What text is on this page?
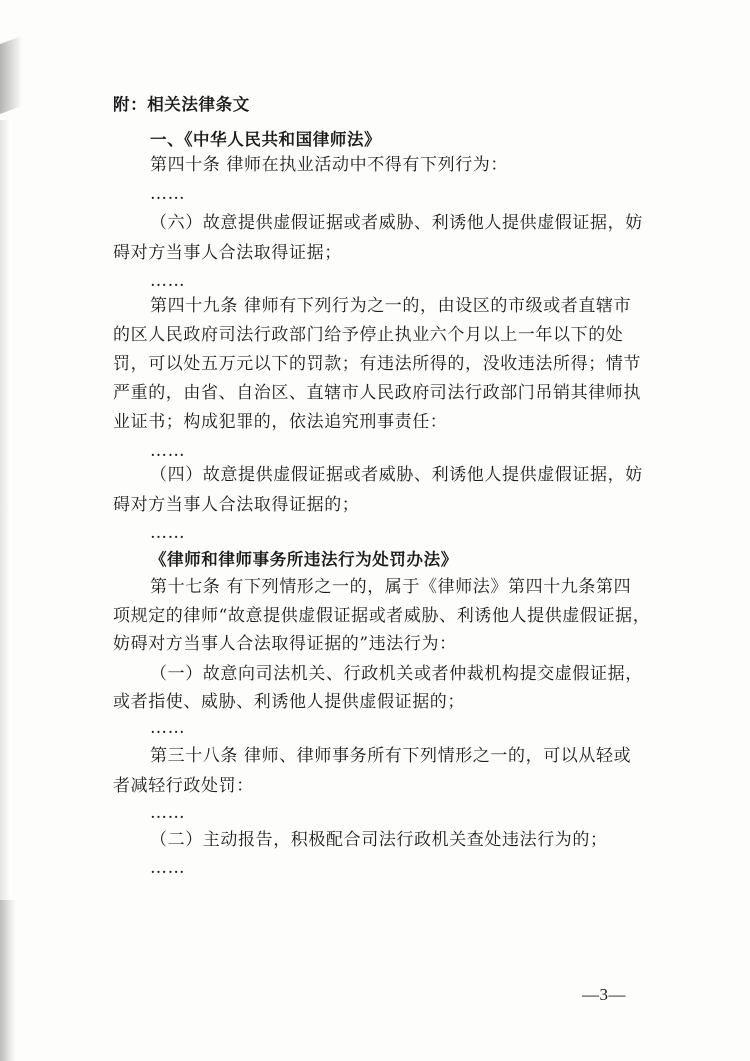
附：相关法律条文
一、《中华人民共和国律师法》
第四十条 律师在执业活动中不得有下列行为：
……
（六）故意提供虚假证据或者威胁、利诱他人提供虚假证据，妨
碍对方当事人合法取得证据；
……
第四十九条 律师有下列行为之一的，由设区的市级或者直辖市
的区人民政府司法行政部门给予停止执业六个月以上一年以下的处
罚，可以处五万元以下的罚款；有违法所得的，没收违法所得；情节
严重的，由省、自治区、直辖市人民政府司法行政部门吊销其律师执
业证书；构成犯罪的，依法追究刑事责任：
……
（四）故意提供虚假证据或者威胁、利诱他人提供虚假证据，妨
碍对方当事人合法取得证据的；
……
《律师和律师事务所违法行为处罚办法》
第十七条 有下列情形之一的，属于《律师法》第四十九条第四
项规定的律师“故意提供虚假证据或者威胁、利诱他人提供虚假证据，
妨碍对方当事人合法取得证据的”违法行为：
（一）故意向司法机关、行政机关或者仲裁机构提交虚假证据，
或者指使、威胁、利诱他人提供虚假证据的；
……
第三十八条 律师、律师事务所有下列情形之一的，可以从轻或
者减轻行政处罚：
……
（二）主动报告，积极配合司法行政机关查处违法行为的；
……
—3—
